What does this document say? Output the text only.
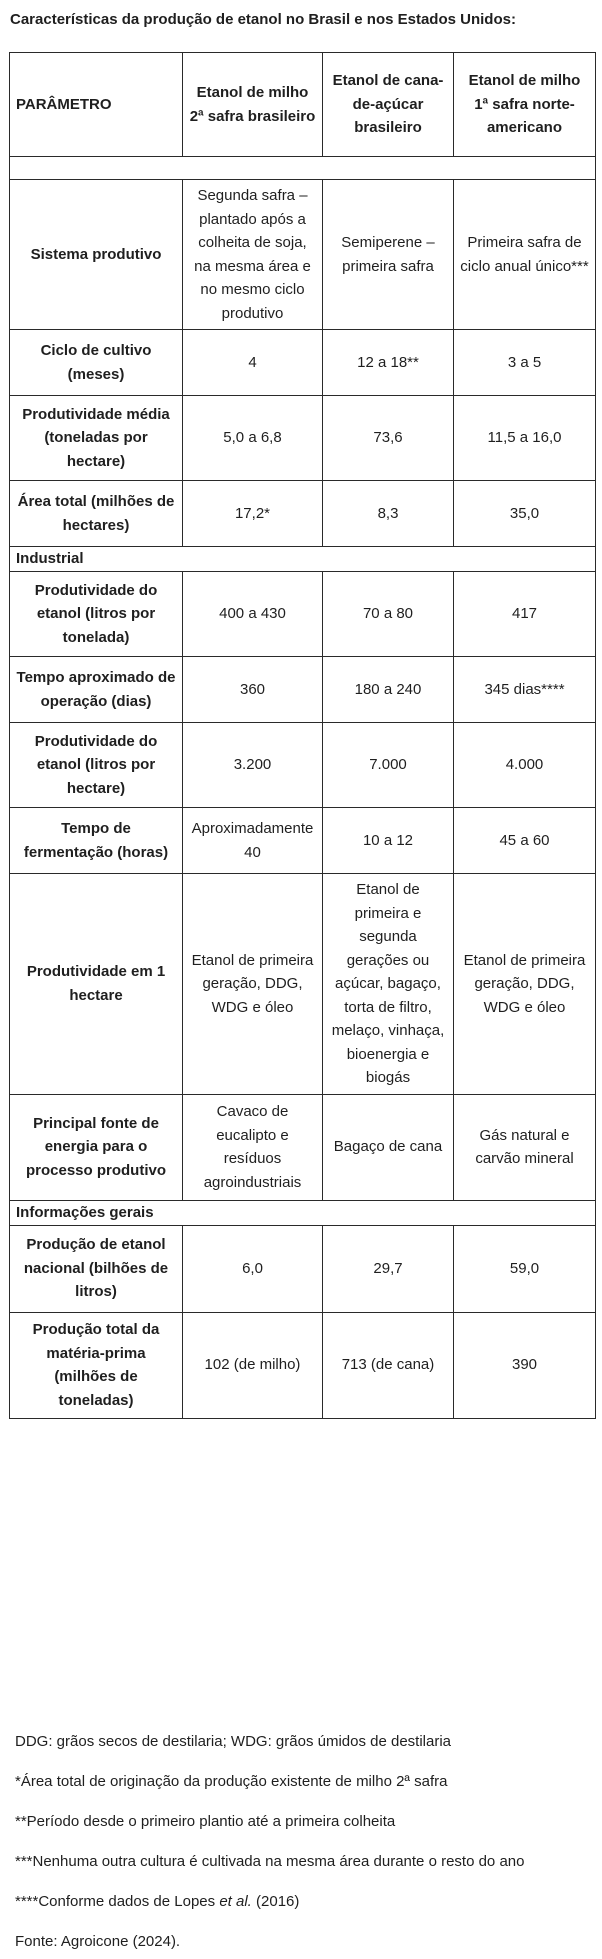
Características da produção de etanol no Brasil e nos Estados Unidos:
PARÂMETRO	Etanol de milho 2ª safra brasileiro	Etanol de cana-de-açúcar brasileiro	Etanol de milho 1ª safra norte-americano

Sistema produtivo	Segunda safra – plantado após a colheita de soja, na mesma área e no mesmo ciclo produtivo	Semiperene – primeira safra	Primeira safra de ciclo anual único***
Ciclo de cultivo (meses)	4	12 a 18**	3 a 5
Produtividade média (toneladas por hectare)	5,0 a 6,8	73,6	11,5 a 16,0
Área total (milhões de hectares)	17,2*	8,3	35,0
Industrial			
Produtividade do etanol (litros por tonelada)	400 a 430	70 a 80	417
Tempo aproximado de operação (dias)	360	180 a 240	345 dias****
Produtividade do etanol (litros por hectare)	3.200	7.000	4.000
Tempo de fermentação (horas)	Aproximadamente 40	10 a 12	45 a 60
Produtividade em 1 hectare	Etanol de primeira geração, DDG, WDG e óleo	Etanol de primeira e segunda gerações ou açúcar, bagaço, torta de filtro, melaço, vinhaça, bioenergia e biogás	Etanol de primeira geração, DDG, WDG e óleo
Principal fonte de energia para o processo produtivo	Cavaco de eucalipto e resíduos agroindustriais	Bagaço de cana	Gás natural e carvão mineral
Informações gerais			
Produção de etanol nacional (bilhões de litros)	6,0	29,7	59,0
Produção total da matéria-prima (milhões de toneladas)	102 (de milho)	713 (de cana)	390
DDG: grãos secos de destilaria; WDG: grãos úmidos de destilaria
*Área total de originação da produção existente de milho 2ª safra
**Período desde o primeiro plantio até a primeira colheita
***Nenhuma outra cultura é cultivada na mesma área durante o resto do ano
****Conforme dados de Lopes et al. (2016)
Fonte: Agroicone (2024).
